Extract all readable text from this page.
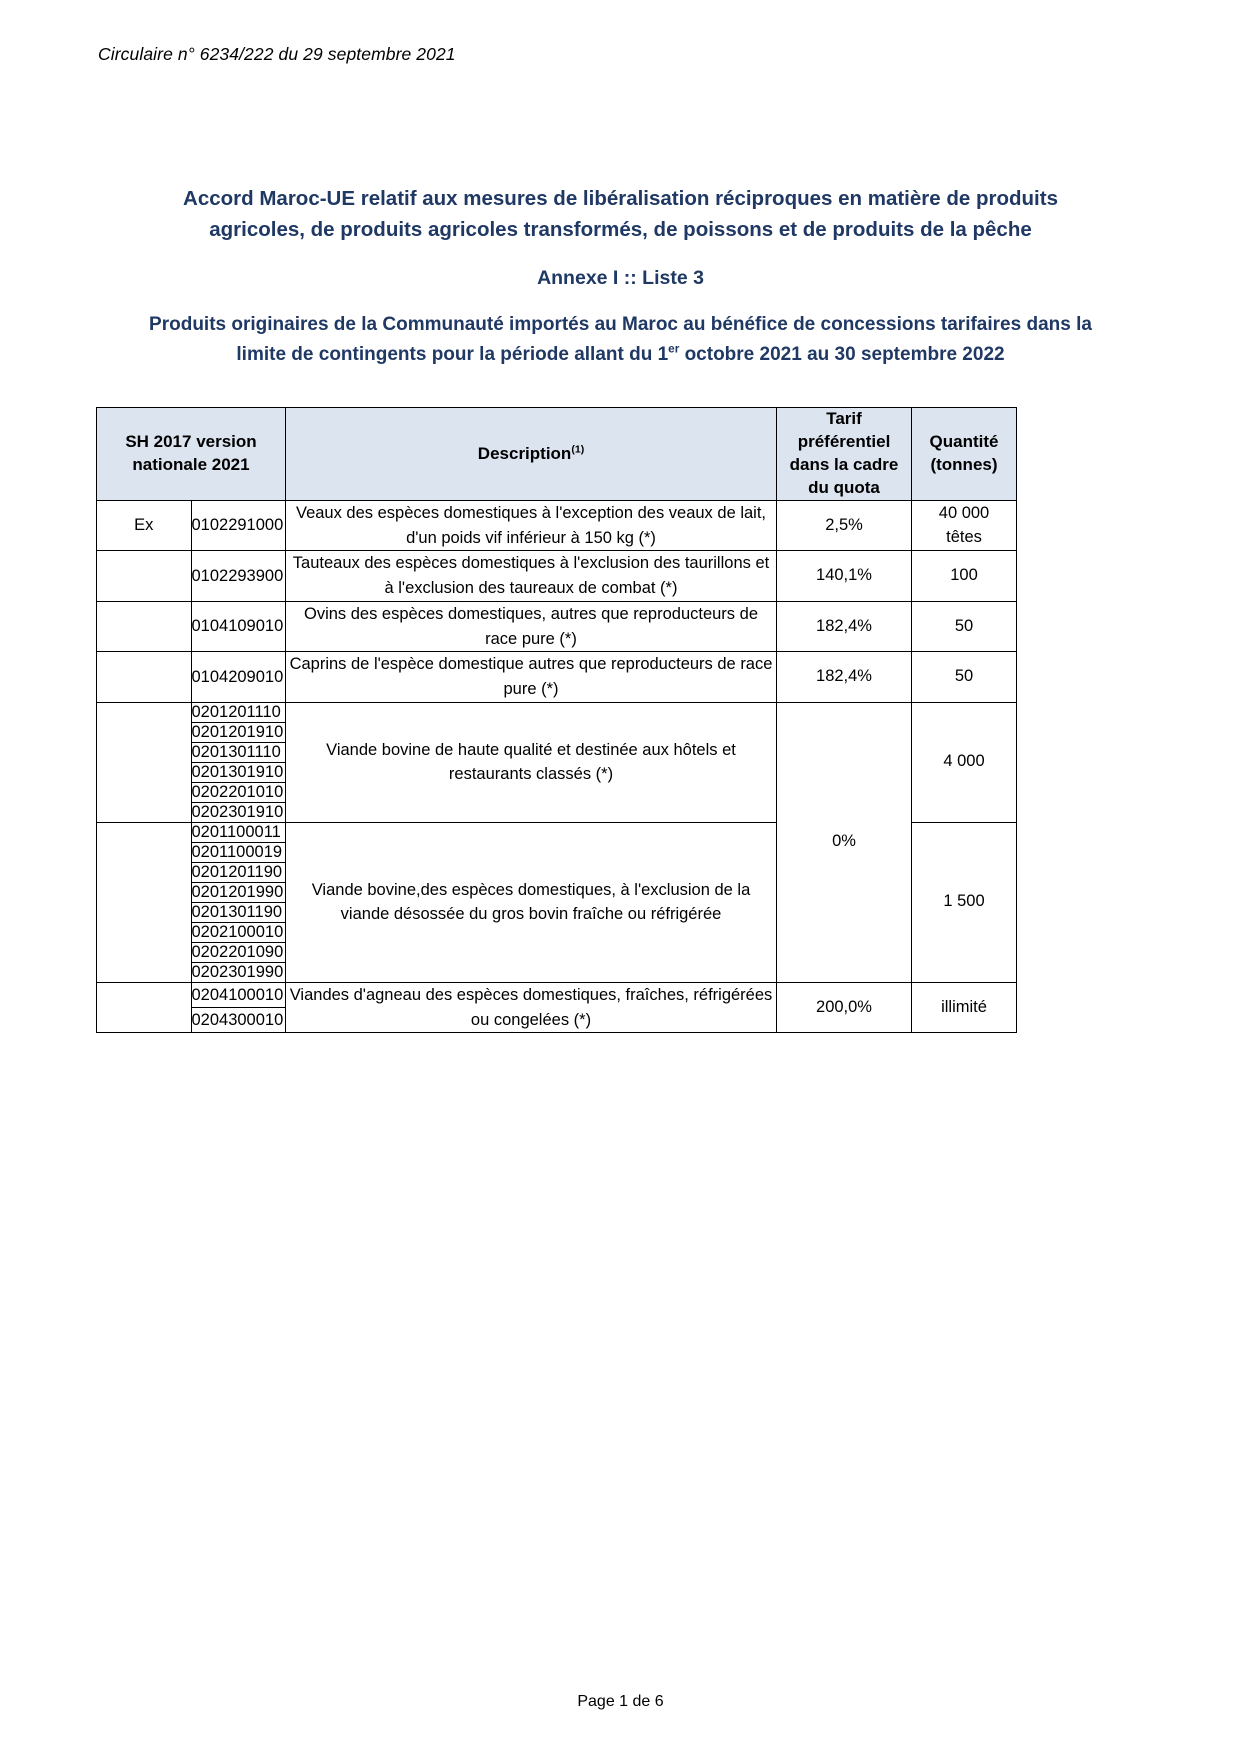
Circulaire n° 6234/222 du 29 septembre 2021
Accord Maroc-UE relatif aux mesures de libéralisation réciproques en matière de produits
agricoles, de produits agricoles transformés, de poissons et de produits de la pêche
Annexe I :: Liste 3
Produits originaires de la Communauté importés au Maroc au bénéfice de concessions tarifaires dans la
limite de contingents pour la période allant du 1er octobre 2021 au 30 septembre 2022
SH 2017 version
nationale 2021		Description$^{(1)}$	Tarif
préférentiel
dans la cadre
du quota	Quantité
(tonnes)
Ex	0102291000	Veaux des espèces domestiques à l'exception des veaux de lait, d'un poids vif inférieur à 150 kg (*)	2,5%	40 000
têtes
	0102293900	Tauteaux des espèces domestiques à l'exclusion des taurillons et à l'exclusion des taureaux de combat (*)	140,1%	100
	0104109010	Ovins des espèces domestiques, autres que reproducteurs de race pure (*)	182,4%	50
	0104209010	Caprins de l'espèce domestique autres que reproducteurs de race pure (*)	182,4%	50
	0201201110	Viande bovine de haute qualité et destinée aux hôtels et restaurants classés (*)	0%	4 000
	0201201910			
	0201301110			
	0201301910			
	0202201010			
	0202301910			
	0201100011	Viande bovine,des espèces domestiques, à l'exclusion de la viande désossée du gros bovin fraîche ou réfrigérée		1 500
	0201100019			
	0201201190			
	0201201990			
	0201301190			
	0202100010			
	0202201090			
	0202301990			
	0204100010	Viandes d'agneau des espèces domestiques, fraîches, réfrigérées ou congelées (*)	200,0%	illimité
	0204300010			
Page 1 de 6
